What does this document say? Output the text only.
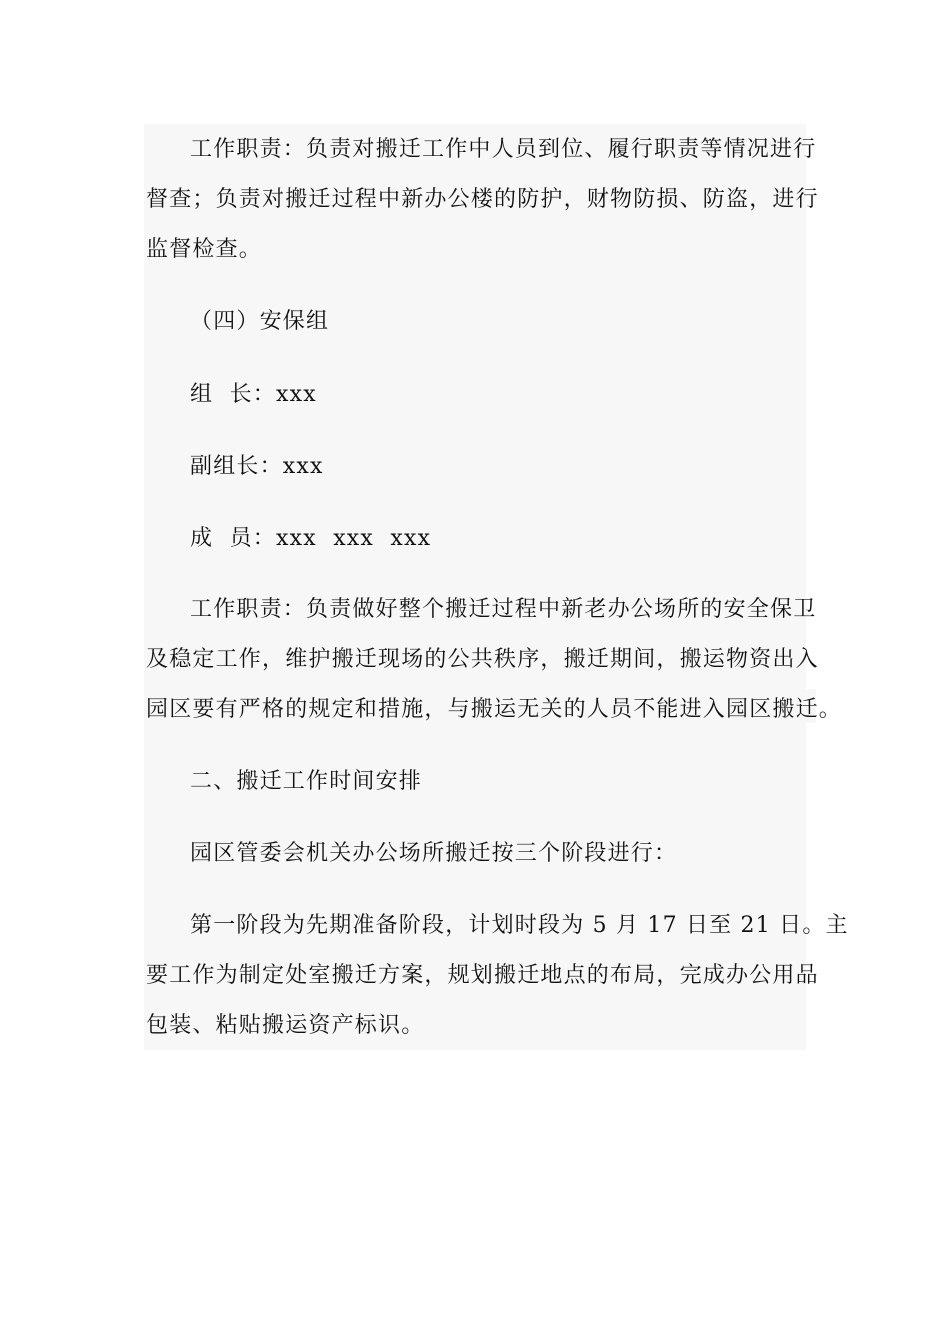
工作职责：负责对搬迁工作中人员到位、履行职责等情况进行
督查；负责对搬迁过程中新办公楼的防护，财物防损、防盗，进行
监督检查。
（四）安保组
组  长：xxx
副组长：xxx
成  员：xxx  xxx  xxx
工作职责：负责做好整个搬迁过程中新老办公场所的安全保卫
及稳定工作，维护搬迁现场的公共秩序，搬迁期间，搬运物资出入
园区要有严格的规定和措施，与搬运无关的人员不能进入园区搬迁。
二、搬迁工作时间安排
园区管委会机关办公场所搬迁按三个阶段进行：
第一阶段为先期准备阶段，计划时段为 5 月 17 日至 21 日。主
要工作为制定处室搬迁方案，规划搬迁地点的布局，完成办公用品
包装、粘贴搬运资产标识。
